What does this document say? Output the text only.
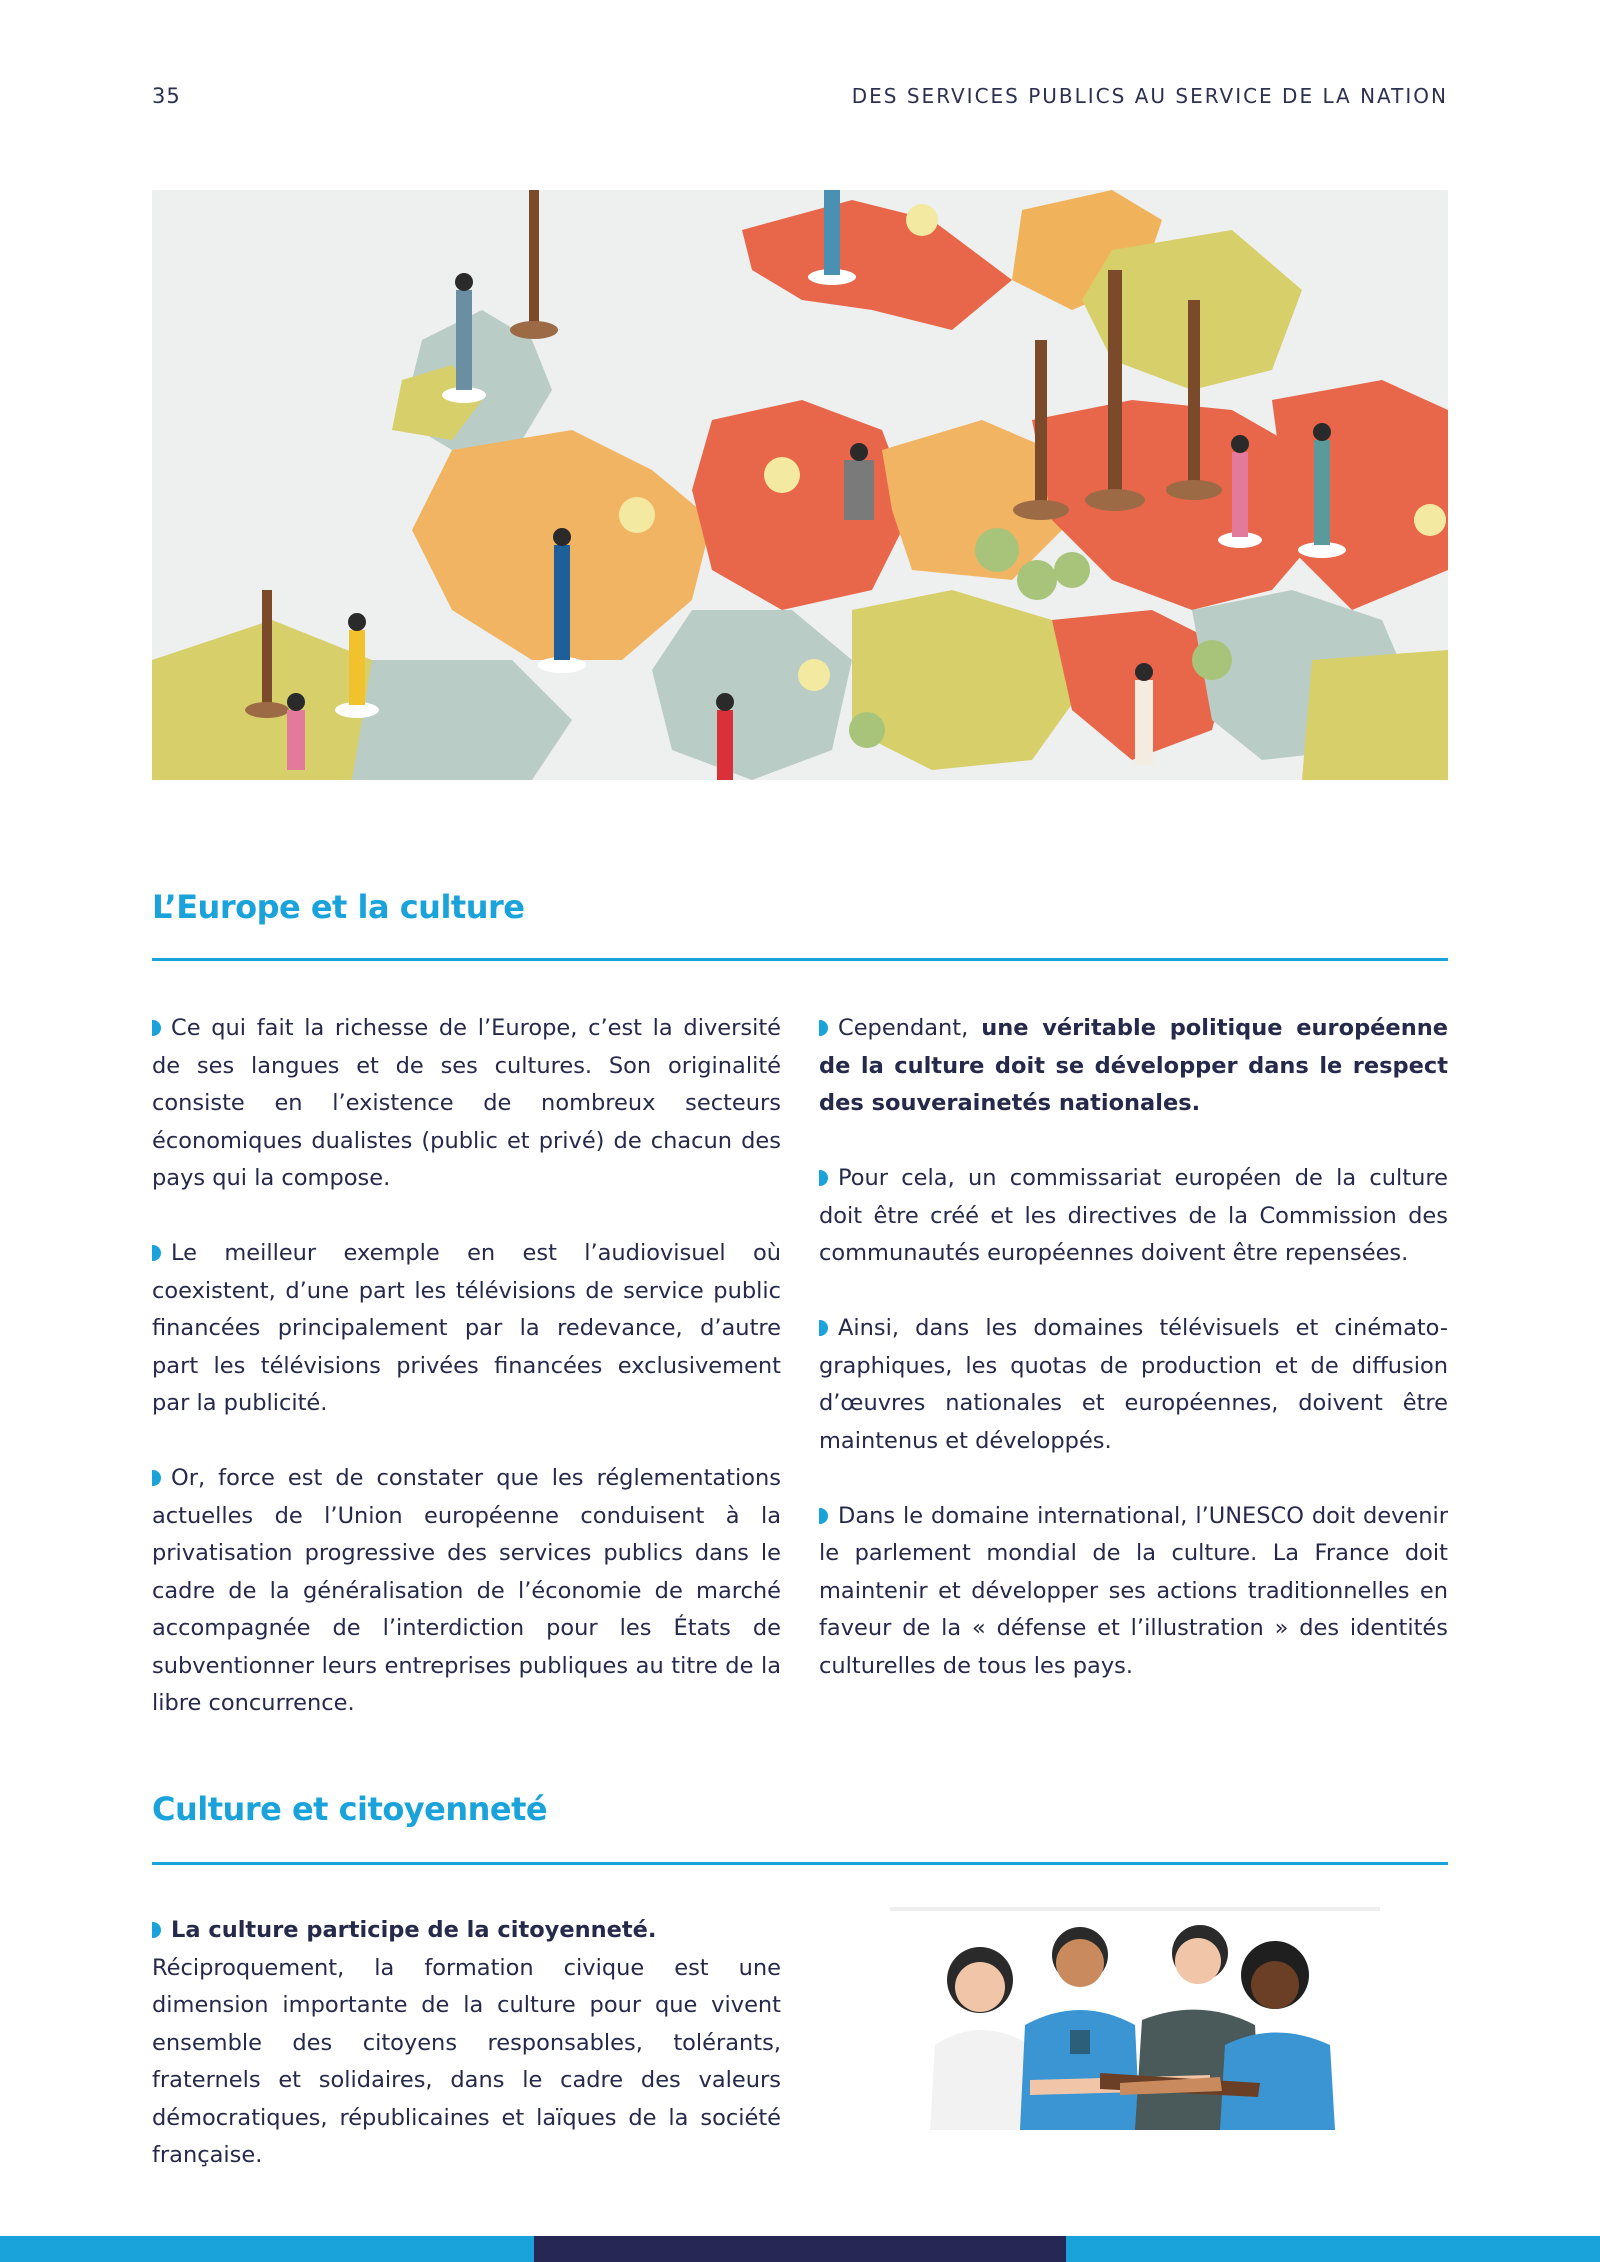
35	DES SERVICES PUBLICS AU SERVICE DE LA NATION
L’Europe et la culture

Ce qui fait la richesse de l’Europe, c’est la diversité de ses langues et de ses cultures. Son originalité consiste en l’existence de nombreux secteurs économiques dualistes (public et privé) de chacun des pays qui la compose.

Le meilleur exemple en est l’audiovisuel où coexistent, d’une part les télévisions de service public financées principalement par la redevance, d’autre part les télévisions privées financées exclusivement par la publicité.

Or, force est de constater que les réglementations actuelles de l’Union européenne conduisent à la privatisation progressive des services publics dans le cadre de la généralisation de l’économie de marché accompagnée de l’interdiction pour les États de subventionner leurs entreprises publiques au titre de la libre concurrence.

Cependant, une véritable politique européenne de la culture doit se développer dans le respect des souverainetés nationales.

Pour cela, un commissariat européen de la culture doit être créé et les directives de la Commission des communautés européennes doivent être repensées.

Ainsi, dans les domaines télévisuels et cinémato-graphiques, les quotas de production et de diffusion d’œuvres nationales et européennes, doivent être maintenus et développés.

Dans le domaine international, l’UNESCO doit devenir le parlement mondial de la culture. La France doit maintenir et développer ses actions traditionnelles en faveur de la « défense et l’illustration » des identités culturelles de tous les pays.

Culture et citoyenneté

La culture participe de la citoyenneté.

Réciproquement, la formation civique est une dimension importante de la culture pour que vivent ensemble des citoyens responsables, tolérants, fraternels et solidaires, dans le cadre des valeurs démocratiques, républicaines et laïques de la société française.
